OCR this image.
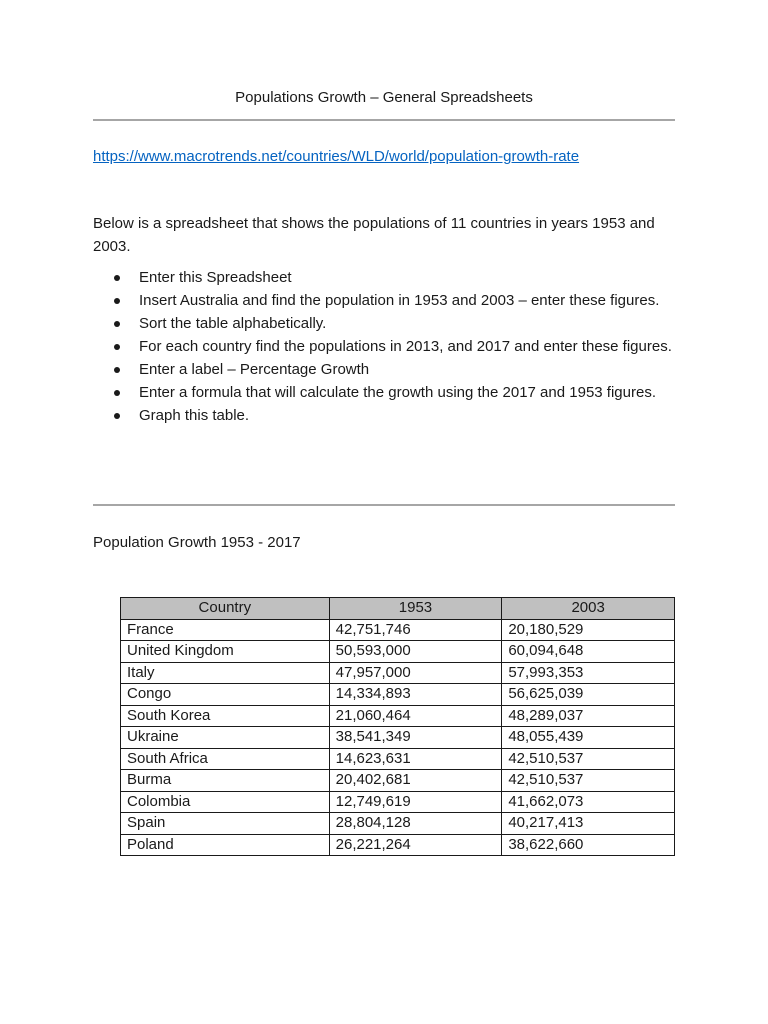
Populations Growth – General Spreadsheets
https://www.macrotrends.net/countries/WLD/world/population-growth-rate
Below is a spreadsheet that shows the populations of 11 countries in years 1953 and 2003.
Enter this Spreadsheet
Insert Australia and find the population in 1953 and 2003 – enter these figures.
Sort the table alphabetically.
For each country find the populations in 2013, and 2017 and enter these figures.
Enter a label – Percentage Growth
Enter a formula that will calculate the growth using the 2017 and 1953 figures.
Graph this table.
Population Growth 1953 - 2017
Country	1953	2003
France	42,751,746	20,180,529
United Kingdom	50,593,000	60,094,648
Italy	47,957,000	57,993,353
Congo	14,334,893	56,625,039
South Korea	21,060,464	48,289,037
Ukraine	38,541,349	48,055,439
South Africa	14,623,631	42,510,537
Burma	20,402,681	42,510,537
Colombia	12,749,619	41,662,073
Spain	28,804,128	40,217,413
Poland	26,221,264	38,622,660
